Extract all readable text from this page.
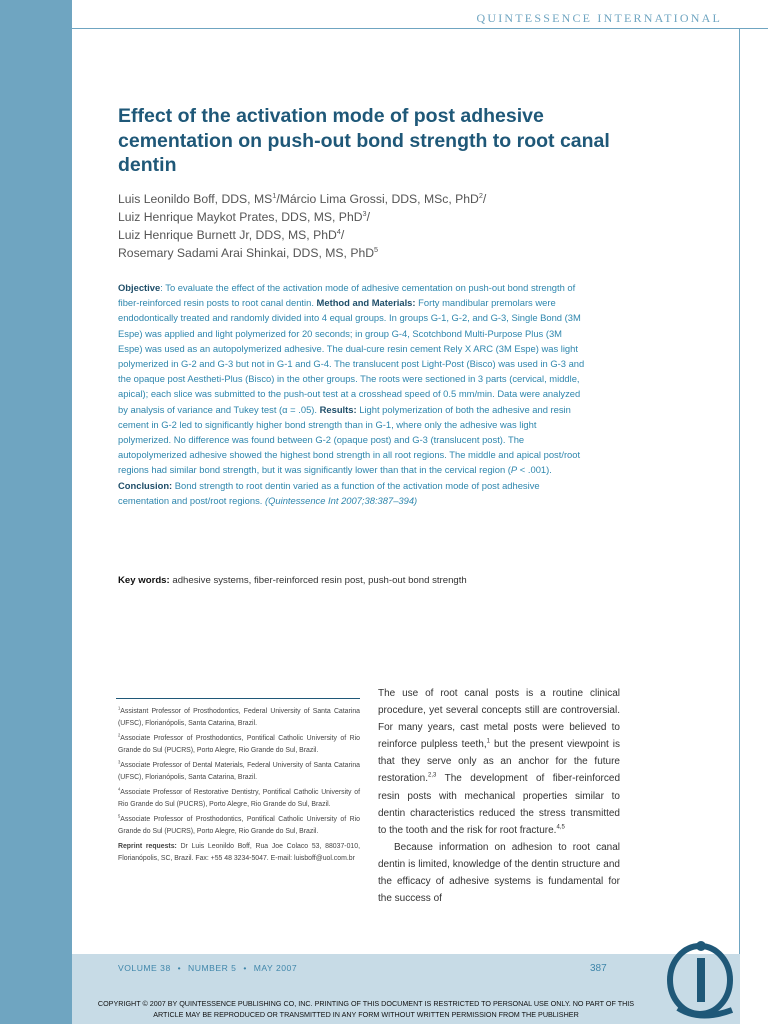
QUINTESSENCE INTERNATIONAL
Effect of the activation mode of post adhesive cementation on push-out bond strength to root canal dentin
Luis Leonildo Boff, DDS, $MS^1$/Márcio Lima Grossi, DDS, MSc, PhD$^2$/
Luiz Henrique Maykot Prates, DDS, MS, PhD$^3$/
Luiz Henrique Burnett Jr, DDS, MS, PhD$^4$/
Rosemary Sadami Arai Shinkai, DDS, MS, PhD$^5$

Objective: To evaluate the effect of the activation mode of adhesive cementation on push-out bond strength of fiber-reinforced resin posts to root canal dentin. Method and Materials: Forty mandibular premolars were endodontically treated and randomly divided into 4 equal groups. In groups G-1, G-2, and G-3, Single Bond (3M Espe) was applied and light polymerized for 20 seconds; in group G-4, Scotchbond Multi-Purpose Plus (3M Espe) was used as an autopolymerized adhesive. The dual-cure resin cement Rely X ARC (3M Espe) was light polymerized in G-2 and G-3 but not in G-1 and G-4. The translucent post Light-Post (Bisco) was used in G-3 and the opaque post Aestheti-Plus (Bisco) in the other groups. The roots were sectioned in 3 parts (cervical, middle, apical); each slice was submitted to the push-out test at a crosshead speed of 0.5 mm/min. Data were analyzed by analysis of variance and Tukey test (α = .05). Results: Light polymerization of both the adhesive and resin cement in G-2 led to significantly higher bond strength than in G-1, where only the adhesive was light polymerized. No difference was found between G-2 (opaque post) and G-3 (translucent post). The autopolymerized adhesive showed the highest bond strength in all root regions. The middle and apical post/root regions had similar bond strength, but it was significantly lower than that in the cervical region (P < .001). Conclusion: Bond strength to root dentin varied as a function of the activation mode of post adhesive cementation and post/root regions. (Quintessence Int 2007;38:387–394)

Key words: adhesive systems, fiber-reinforced resin post, push-out bond strength

$^1$Assistant Professor of Prosthodontics, Federal University of Santa Catarina (UFSC), Florianópolis, Santa Catarina, Brazil.

$^2$Associate Professor of Prosthodontics, Pontifical Catholic University of Rio Grande do Sul (PUCRS), Porto Alegre, Rio Grande do Sul, Brazil.

$^3$Associate Professor of Dental Materials, Federal University of Santa Catarina (UFSC), Florianópolis, Santa Catarina, Brazil.

$^4$Associate Professor of Restorative Dentistry, Pontifical Catholic University of Rio Grande do Sul (PUCRS), Porto Alegre, Rio Grande do Sul, Brazil.

$^5$Associate Professor of Prosthodontics, Pontifical Catholic University of Rio Grande do Sul (PUCRS), Porto Alegre, Rio Grande do Sul, Brazil.

Reprint requests: Dr Luis Leonildo Boff, Rua Joe Colaco 53, 88037-010, Florianópolis, SC, Brazil. Fax: +55 48 3234-5047. E-mail: luisboff@uol.com.br

The use of root canal posts is a routine clinical procedure, yet several concepts still are controversial. For many years, cast metal posts were believed to reinforce pulpless teeth,$^1$ but the present viewpoint is that they serve only as an anchor for the future restoration.$^{2,3}$ The development of fiber-reinforced resin posts with mechanical properties similar to dentin characteristics reduced the stress transmitted to the tooth and the risk for root fracture.$^{4,5}$

Because information on adhesion to root canal dentin is limited, knowledge of the dentin structure and the efficacy of adhesive systems is fundamental for the success of

VOLUME 38 • NUMBER 5 • MAY 2007	387
COPYRIGHT © 2007 BY QUINTESSENCE PUBLISHING CO, INC. PRINTING OF THIS DOCUMENT IS RESTRICTED TO PERSONAL USE ONLY. NO PART OF THIS
ARTICLE MAY BE REPRODUCED OR TRANSMITTED IN ANY FORM WITHOUT WRITTEN PERMISSION FROM THE PUBLISHER
